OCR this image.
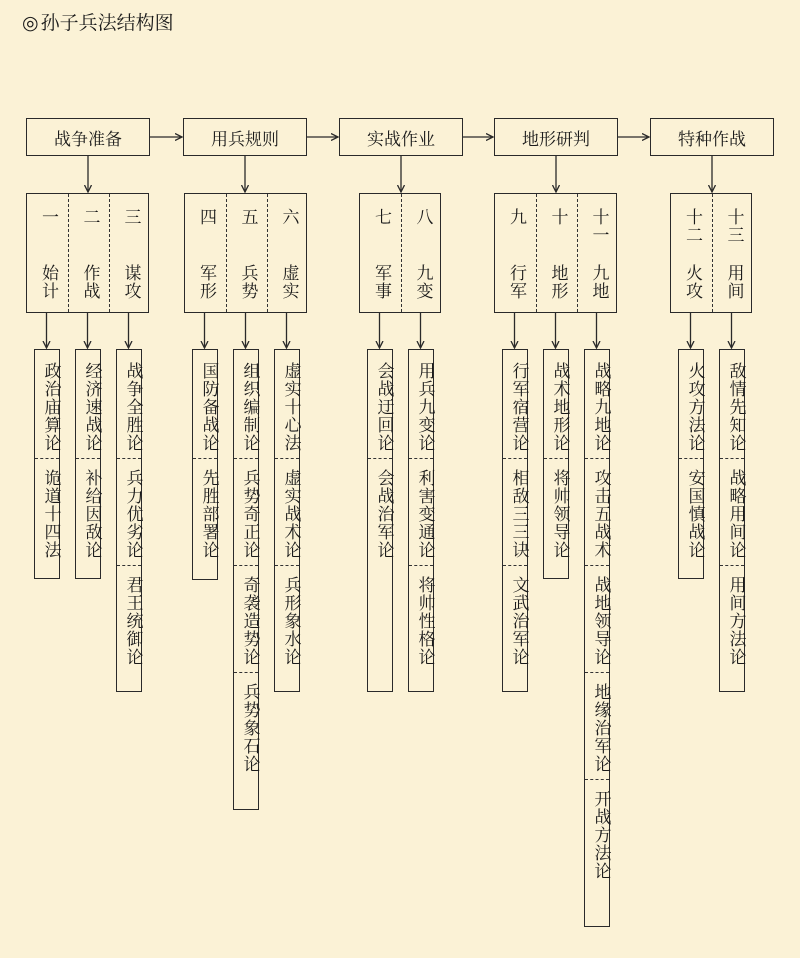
◎ 孙子兵法结构图
战争准备
一
始计
二
作战
三
谋攻
政治庙算论
诡道十四法
经济速战论
补给因敌论
战争全胜论
兵力优劣论
君王统御论
用兵规则
四
军形
五
兵势
六
虚实
国防备战论
先胜部署论
组织编制论
兵势奇正论
奇袭造势论
兵势象石论
虚实十心法
虚实战术论
兵形象水论
实战作业
七
军事
八
九变
会战迂回论
会战治军论
用兵九变论
利害变通论
将帅性格论
地形研判
九
行军
十
地形
十一
九地
行军宿营论
相敌三三诀
文武治军论
战术地形论
将帅领导论
战略九地论
攻击五战术
战地领导论
地缘治军论
开战方法论
特种作战
十二
火攻
十三
用间
火攻方法论
安国慎战论
敌情先知论
战略用间论
用间方法论
